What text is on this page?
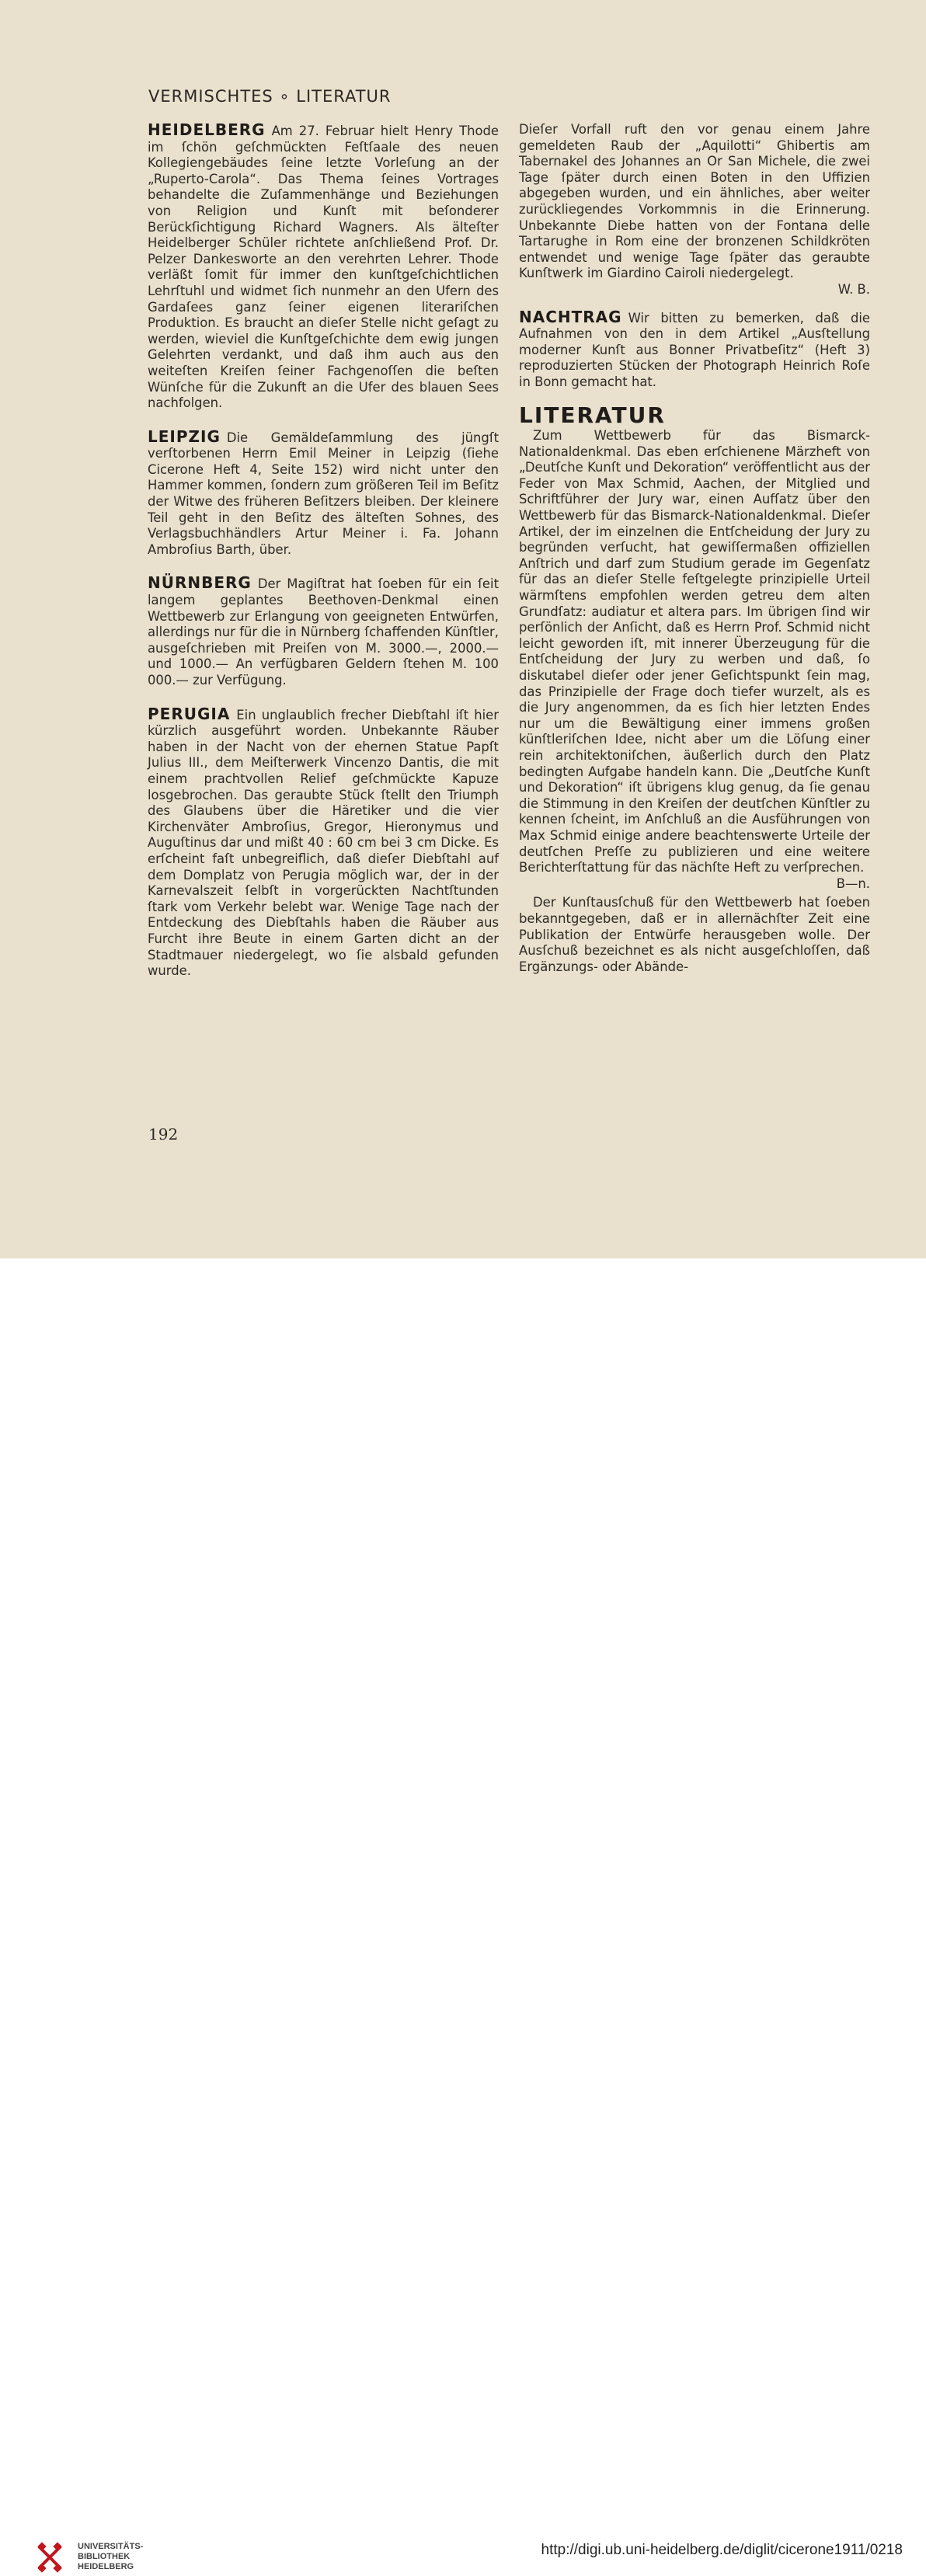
VERMISCHTES ∘ LITERATUR

HEIDELBERG Am 27. Februar hielt Henry Thode im ſchön geſchmückten Feſtſaale des neuen Kollegiengebäudes ſeine letzte Vorleſung an der „Ruperto-Carola“. Das Thema ſeines Vortrages behandelte die Zuſammenhänge und Beziehungen von Religion und Kunſt mit beſonderer Berückſichtigung Richard Wagners. Als älteſter Heidelberger Schüler richtete anſchließend Prof. Dr. Pelzer Dankesworte an den verehrten Lehrer. Thode verläßt ſomit für immer den kunſtgeſchichtlichen Lehrſtuhl und widmet ſich nunmehr an den Ufern des Gardaſees ganz ſeiner eigenen literariſchen Produktion. Es braucht an dieſer Stelle nicht geſagt zu werden, wieviel die Kunſtgeſchichte dem ewig jungen Gelehrten verdankt, und daß ihm auch aus den weiteſten Kreiſen ſeiner Fachgenoſſen die beſten Wünſche für die Zukunft an die Ufer des blauen Sees nachfolgen.

LEIPZIG Die Gemäldeſammlung des jüngſt verſtorbenen Herrn Emil Meiner in Leipzig (ſiehe Cicerone Heft 4, Seite 152) wird nicht unter den Hammer kommen, ſondern zum größeren Teil im Beſitz der Witwe des früheren Beſitzers bleiben. Der kleinere Teil geht in den Beſitz des älteſten Sohnes, des Verlagsbuchhändlers Artur Meiner i. Fa. Johann Ambroſius Barth, über.

NÜRNBERG Der Magiſtrat hat ſoeben für ein ſeit langem geplantes Beethoven-Denkmal einen Wettbewerb zur Erlangung von geeigneten Entwürfen, allerdings nur für die in Nürnberg ſchaffenden Künſtler, ausgeſchrieben mit Preiſen von M. 3000.—, 2000.— und 1000.— An verfügbaren Geldern ſtehen M. 100 000.— zur Verfügung.

PERUGIA Ein unglaublich frecher Diebſtahl iſt hier kürzlich ausgeführt worden. Unbekannte Räuber haben in der Nacht von der ehernen Statue Papſt Julius III., dem Meiſterwerk Vincenzo Dantis, die mit einem prachtvollen Relief geſchmückte Kapuze losgebrochen. Das geraubte Stück ſtellt den Triumph des Glaubens über die Häretiker und die vier Kirchenväter Ambroſius, Gregor, Hieronymus und Auguſtinus dar und mißt 40 : 60 cm bei 3 cm Dicke. Es erſcheint faſt unbegreiflich, daß dieſer Diebſtahl auf dem Domplatz von Perugia möglich war, der in der Karnevalszeit ſelbſt in vorgerückten Nachtſtunden ſtark vom Verkehr belebt war. Wenige Tage nach der Entdeckung des Diebſtahls haben die Räuber aus Furcht ihre Beute in einem Garten dicht an der Stadtmauer niedergelegt, wo ſie alsbald gefunden wurde.

Dieſer Vorfall ruft den vor genau einem Jahre gemeldeten Raub der „Aquilotti“ Ghibertis am Tabernakel des Johannes an Or San Michele, die zwei Tage ſpäter durch einen Boten in den Uffizien abgegeben wurden, und ein ähnliches, aber weiter zurückliegendes Vorkommnis in die Erinnerung. Unbekannte Diebe hatten von der Fontana delle Tartarughe in Rom eine der bronzenen Schildkröten entwendet und wenige Tage ſpäter das geraubte Kunſtwerk im Giardino Cairoli niedergelegt.
W. B.

NACHTRAG Wir bitten zu bemerken, daß die Aufnahmen von den in dem Artikel „Ausſtellung moderner Kunſt aus Bonner Privatbeſitz“ (Heft 3) reproduzierten Stücken der Photograph Heinrich Roſe in Bonn gemacht hat.

LITERATUR

Zum Wettbewerb für das Bismarck-Nationaldenkmal. Das eben erſchienene Märzheft von „Deutſche Kunſt und Dekoration“ veröffentlicht aus der Feder von Max Schmid, Aachen, der Mitglied und Schriftführer der Jury war, einen Aufſatz über den Wettbewerb für das Bismarck-Nationaldenkmal. Dieſer Artikel, der im einzelnen die Entſcheidung der Jury zu begründen verſucht, hat gewiſſermaßen offiziellen Anſtrich und darf zum Studium gerade im Gegenſatz für das an dieſer Stelle feſtgelegte prinzipielle Urteil wärmſtens empfohlen werden getreu dem alten Grundſatz: audiatur et altera pars. Im übrigen ſind wir perſönlich der Anſicht, daß es Herrn Prof. Schmid nicht leicht geworden iſt, mit innerer Überzeugung für die Entſcheidung der Jury zu werben und daß, ſo diskutabel dieſer oder jener Geſichtspunkt ſein mag, das Prinzipielle der Frage doch tiefer wurzelt, als es die Jury angenommen, da es ſich hier letzten Endes nur um die Bewältigung einer immens großen künſtleriſchen Idee, nicht aber um die Löſung einer rein architektoniſchen, äußerlich durch den Platz bedingten Aufgabe handeln kann. Die „Deutſche Kunſt und Dekoration“ iſt übrigens klug genug, da ſie genau die Stimmung in den Kreiſen der deutſchen Künſtler zu kennen ſcheint, im Anſchluß an die Ausführungen von Max Schmid einige andere beachtenswerte Urteile der deutſchen Preſſe zu publizieren und eine weitere Berichterſtattung für das nächſte Heft zu verſprechen.
B—n.

Der Kunſtausſchuß für den Wettbewerb hat ſoeben bekanntgegeben, daß er in allernächſter Zeit eine Publikation der Entwürfe herausgeben wolle. Der Ausſchuß bezeichnet es als nicht ausgeſchloſſen, daß Ergänzungs- oder Abände-

192
UNIVERSITÄTS-
BIBLIOTHEK
HEIDELBERG
http://digi.ub.uni-heidelberg.de/diglit/cicerone1911/0218
